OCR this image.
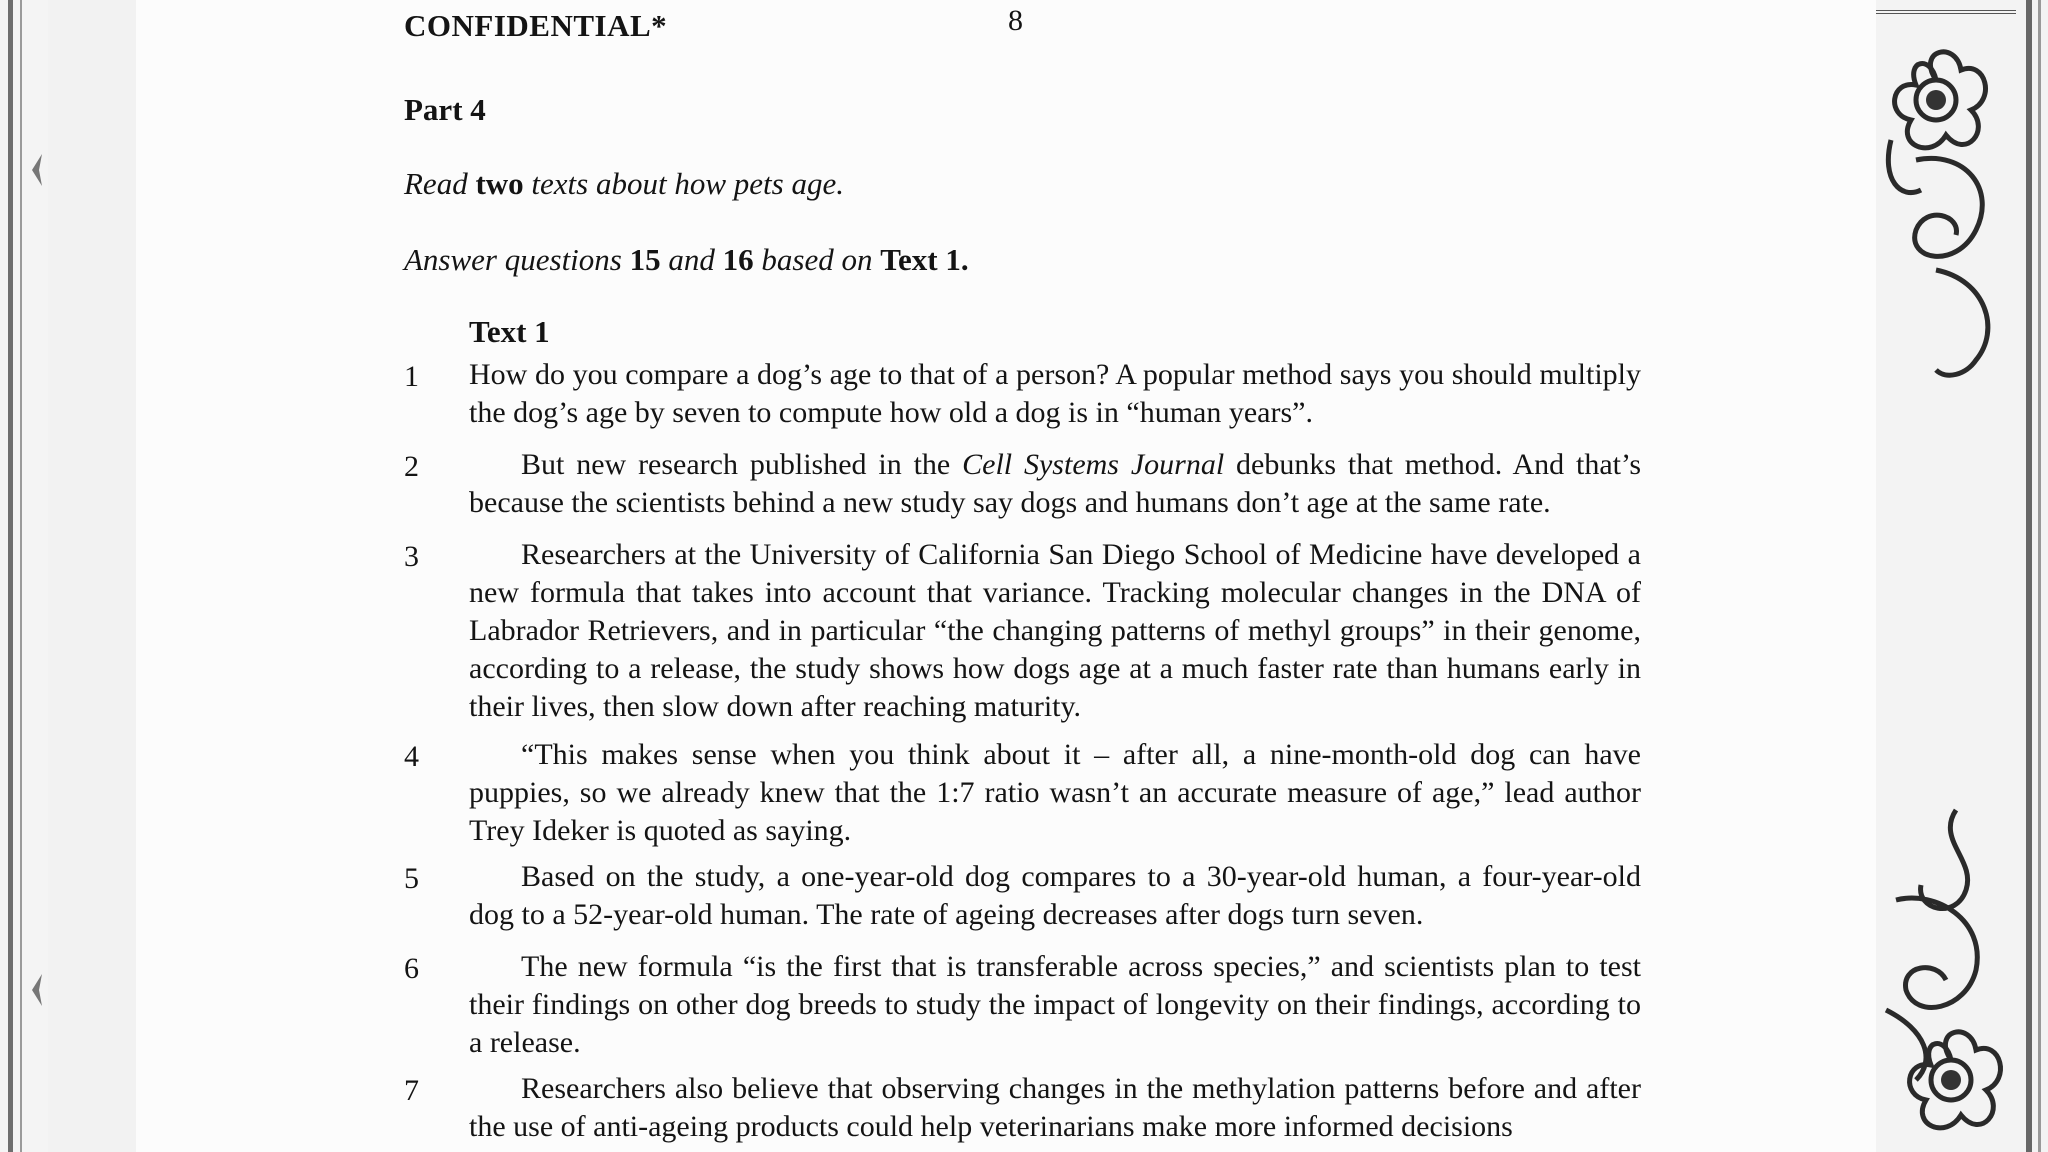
CONFIDENTIAL*	8
Part 4
Read two texts about how pets age.
Answer questions 15 and 16 based on Text 1.
Text 1
1 How do you compare a dog’s age to that of a person? A popular method says you should multiply the dog’s age by seven to compute how old a dog is in “human years”.
2	But new research published in the Cell Systems Journal debunks that method. And that’s because the scientists behind a new study say dogs and humans don’t age at the same rate.
3	Researchers at the University of California San Diego School of Medicine have developed a new formula that takes into account that variance. Tracking molecular changes in the DNA of Labrador Retrievers, and in particular “the changing patterns of methyl groups” in their genome, according to a release, the study shows how dogs age at a much faster rate than humans early in their lives, then slow down after reaching maturity.
4	“This makes sense when you think about it – after all, a nine-month-old dog can have puppies, so we already knew that the 1:7 ratio wasn’t an accurate measure of age,” lead author Trey Ideker is quoted as saying.
5	Based on the study, a one-year-old dog compares to a 30-year-old human, a four-year-old dog to a 52-year-old human. The rate of ageing decreases after dogs turn seven.
6	The new formula “is the first that is transferable across species,” and scientists plan to test their findings on other dog breeds to study the impact of longevity on their findings, according to a release.
7	Researchers also believe that observing changes in the methylation patterns before and after the use of anti-ageing products could help veterinarians make more informed decisions
